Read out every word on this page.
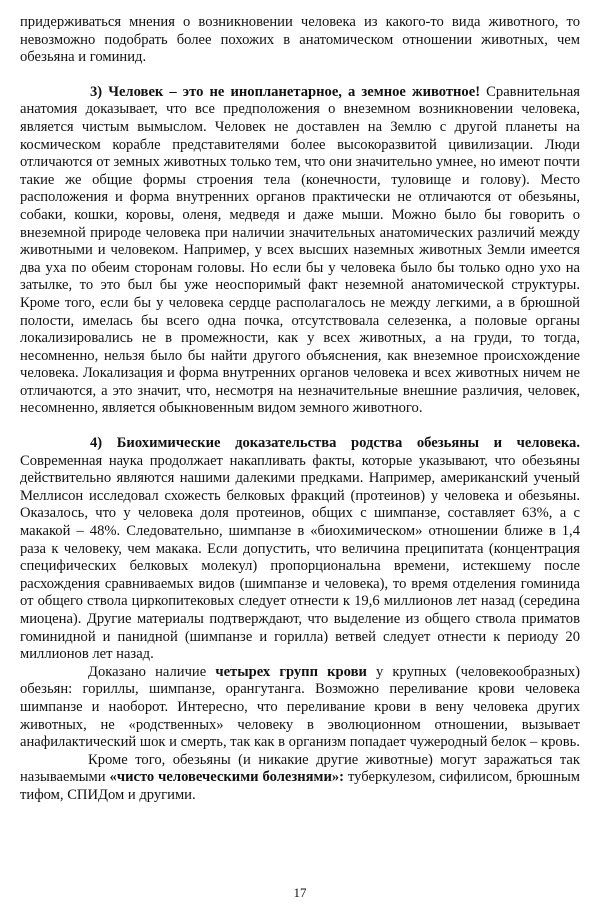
придерживаться мнения о возникновении человека из какого-то вида животного, то невозможно подобрать более похожих в анатомическом отношении животных, чем обезьяна и гоминид.

3) Человек – это не инопланетарное, а земное животное! Сравнительная анатомия доказывает, что все предположения о внеземном возникновении человека, является чистым вымыслом. Человек не доставлен на Землю с другой планеты на космическом корабле представителями более высокоразвитой цивилизации. Люди отличаются от земных животных только тем, что они значительно умнее, но имеют почти такие же общие формы строения тела (конечности, туловище и голову). Место расположения и форма внутренних органов практически не отличаются от обезьяны, собаки, кошки, коровы, оленя, медведя и даже мыши. Можно было бы говорить о внеземной природе человека при наличии значительных анатомических различий между животными и человеком. Например, у всех высших наземных животных Земли имеется два уха по обеим сторонам головы. Но если бы у человека было бы только одно ухо на затылке, то это был бы уже неоспоримый факт неземной анатомической структуры. Кроме того, если бы у человека сердце располагалось не между легкими, а в брюшной полости, имелась бы всего одна почка, отсутствовала селезенка, а половые органы локализировались не в промежности, как у всех животных, а на груди, то тогда, несомненно, нельзя было бы найти другого объяснения, как внеземное происхождение человека. Локализация и форма внутренних органов человека и всех животных ничем не отличаются, а это значит, что, несмотря на незначительные внешние различия, человек, несомненно, является обыкновенным видом земного животного.

4) Биохимические доказательства родства обезьяны и человека. Современная наука продолжает накапливать факты, которые указывают, что обезьяны действительно являются нашими далекими предками. Например, американский ученый Меллисон исследовал схожесть белковых фракций (протеинов) у человека и обезьяны. Оказалось, что у человека доля протеинов, общих с шимпанзе, составляет 63%, а с макакой – 48%. Следовательно, шимпанзе в «биохимическом» отношении ближе в 1,4 раза к человеку, чем макака. Если допустить, что величина преципитата (концентрация специфических белковых молекул) пропорциональна времени, истекшему после расхождения сравниваемых видов (шимпанзе и человека), то время отделения гоминида от общего ствола циркопитековых следует отнести к 19,6 миллионов лет назад (середина миоцена). Другие материалы подтверждают, что выделение из общего ствола приматов гоминидной и панидной (шимпанзе и горилла) ветвей следует отнести к периоду 20 миллионов лет назад.

Доказано наличие четырех групп крови у крупных (человекообразных) обезьян: гориллы, шимпанзе, орангутанга. Возможно переливание крови человека шимпанзе и наоборот. Интересно, что переливание крови в вену человека других животных, не «родственных» человеку в эволюционном отношении, вызывает анафилактический шок и смерть, так как в организм попадает чужеродный белок – кровь.

Кроме того, обезьяны (и никакие другие животные) могут заражаться так называемыми «чисто человеческими болезнями»: туберкулезом, сифилисом, брюшным тифом, СПИДом и другими.

17
